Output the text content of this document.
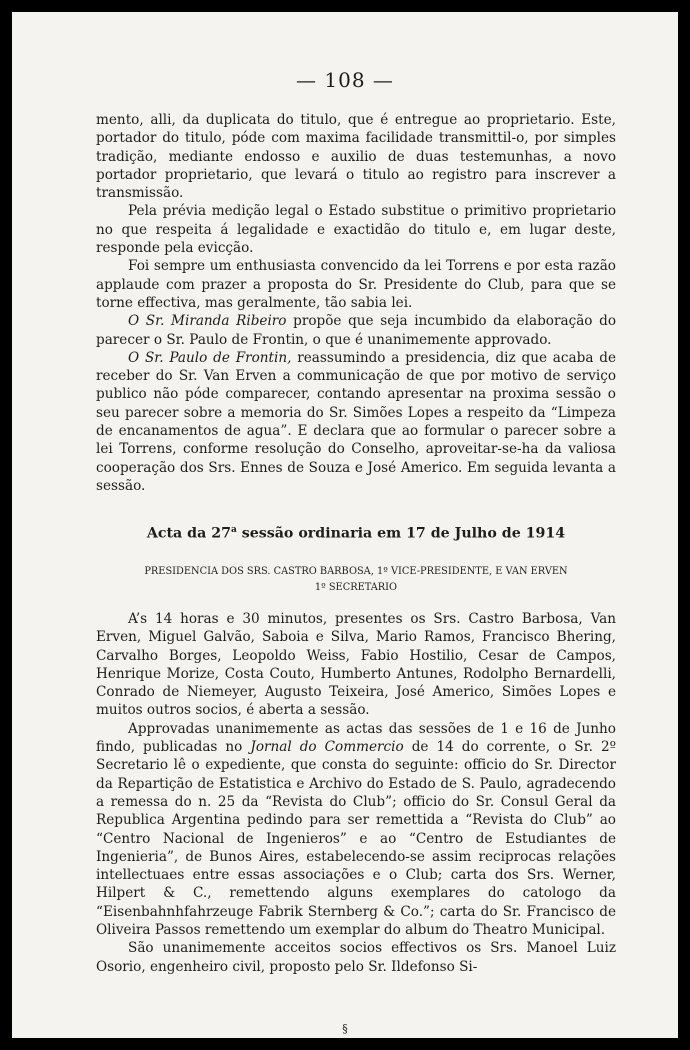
— 108 —

mento, alli, da duplicata do titulo, que é entregue ao proprietario. Este, portador do titulo, póde com maxima facilidade transmittil-o, por simples tradição, mediante endosso e auxilio de duas testemunhas, a novo portador proprietario, que levará o titulo ao registro para inscrever a transmissão.

Pela prévia medição legal o Estado substitue o primitivo proprietario no que respeita á legalidade e exactidão do titulo e, em lugar deste, responde pela evicção.

Foi sempre um enthusiasta convencido da lei Torrens e por esta razão applaude com prazer a proposta do Sr. Presidente do Club, para que se torne effectiva, mas geralmente, tão sabia lei.

O Sr. Miranda Ribeiro propõe que seja incumbido da elaboração do parecer o Sr. Paulo de Frontin, o que é unanimemente approvado.

O Sr. Paulo de Frontin, reassumindo a presidencia, diz que acaba de receber do Sr. Van Erven a communicação de que por motivo de serviço publico não póde comparecer, contando apresentar na proxima sessão o seu parecer sobre a memoria do Sr. Simões Lopes a respeito da “Limpeza de encanamentos de agua”. E declara que ao formular o parecer sobre a lei Torrens, conforme resolução do Conselho, aproveitar-se-ha da valiosa cooperação dos Srs. Ennes de Souza e José Americo. Em seguida levanta a sessão.

Acta da 27$^a$ sessão ordinaria em 17 de Julho de 1914
PRESIDENCIA DOS SRS. CASTRO BARBOSA, 1º VICE-PRESIDENTE, E VAN ERVEN
1º SECRETARIO

A’s 14 horas e 30 minutos, presentes os Srs. Castro Barbosa, Van Erven, Miguel Galvão, Saboia e Silva, Mario Ramos, Francisco Bhering, Carvalho Borges, Leopoldo Weiss, Fabio Hostilio, Cesar de Campos, Henrique Morize, Costa Couto, Humberto Antunes, Rodolpho Bernardelli, Conrado de Niemeyer, Augusto Teixeira, José Americo, Simões Lopes e muitos outros socios, é aberta a sessão.

Approvadas unanimemente as actas das sessões de 1 e 16 de Junho findo, publicadas no Jornal do Commercio de 14 do corrente, o Sr. 2º Secretario lê o expediente, que consta do seguinte: officio do Sr. Director da Repartição de Estatistica e Archivo do Estado de S. Paulo, agradecendo a remessa do n. 25 da “Revista do Club”; officio do Sr. Consul Geral da Republica Argentina pedindo para ser remettida a “Revista do Club” ao “Centro Nacional de Ingenieros” e ao “Centro de Estudiantes de Ingenieria”, de Bunos Aires, estabelecendo-se assim reciprocas relações intellectuaes entre essas associações e o Club; carta dos Srs. Werner, Hilpert & C., remettendo alguns exemplares do catologo da “Eisenbahnhfahrzeuge Fabrik Sternberg & Co.”; carta do Sr. Francisco de Oliveira Passos remettendo um exemplar do album do Theatro Municipal.

São unanimemente acceitos socios effectivos os Srs. Manoel Luiz Osorio, engenheiro civil, proposto pelo Sr. Ildefonso Si-

§
